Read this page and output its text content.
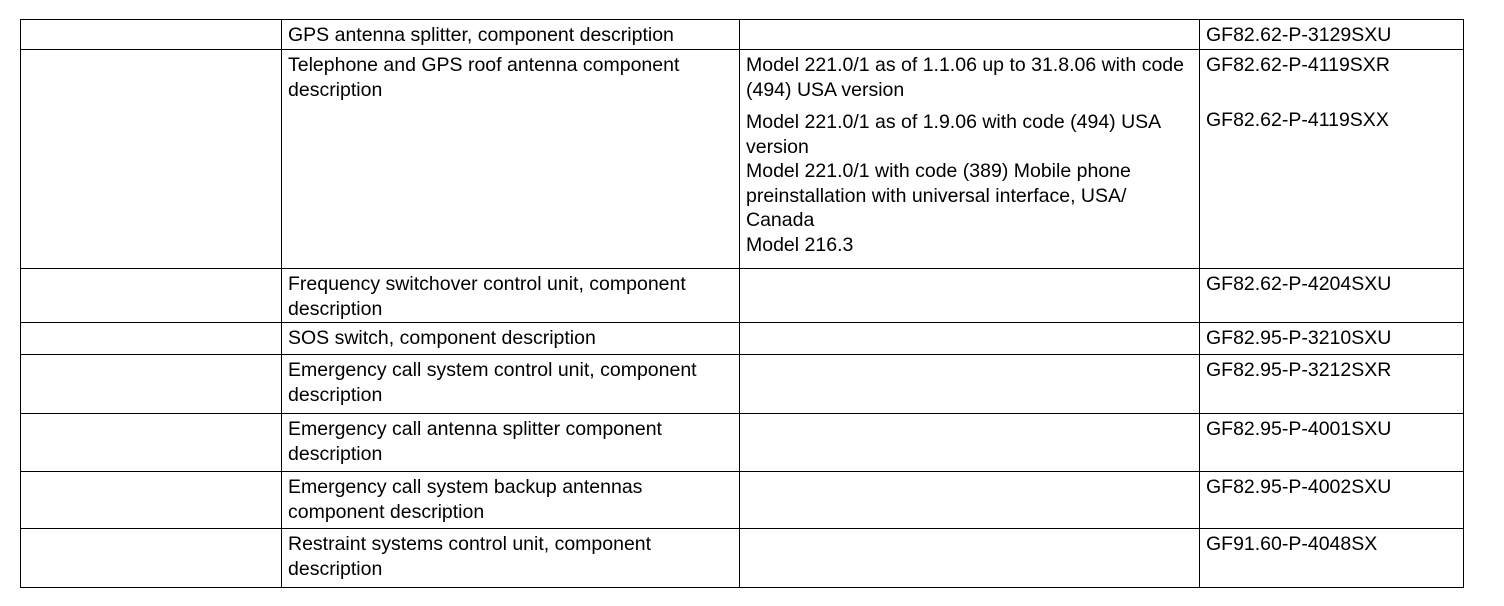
	GPS antenna splitter, component description		GF82.62-P-3129SXU
	Telephone and GPS roof antenna component description	Model 221.0/1 as of 1.1.06 up to 31.8.06 with code (494) USA version
Model 221.0/1 as of 1.9.06 with code (494) USA version
Model 221.0/1 with code (389) Mobile phone preinstallation with universal interface, USA/ Canada
Model 216.3	GF82.62-P-4119SXR
GF82.62-P-4119SXX

	Frequency switchover control unit, component description		GF82.62-P-4204SXU
	SOS switch, component description		GF82.95-P-3210SXU
	Emergency call system control unit, component description		GF82.95-P-3212SXR
	Emergency call antenna splitter component description		GF82.95-P-4001SXU
	Emergency call system backup antennas component description		GF82.95-P-4002SXU
	Restraint systems control unit, component description		GF91.60-P-4048SX
